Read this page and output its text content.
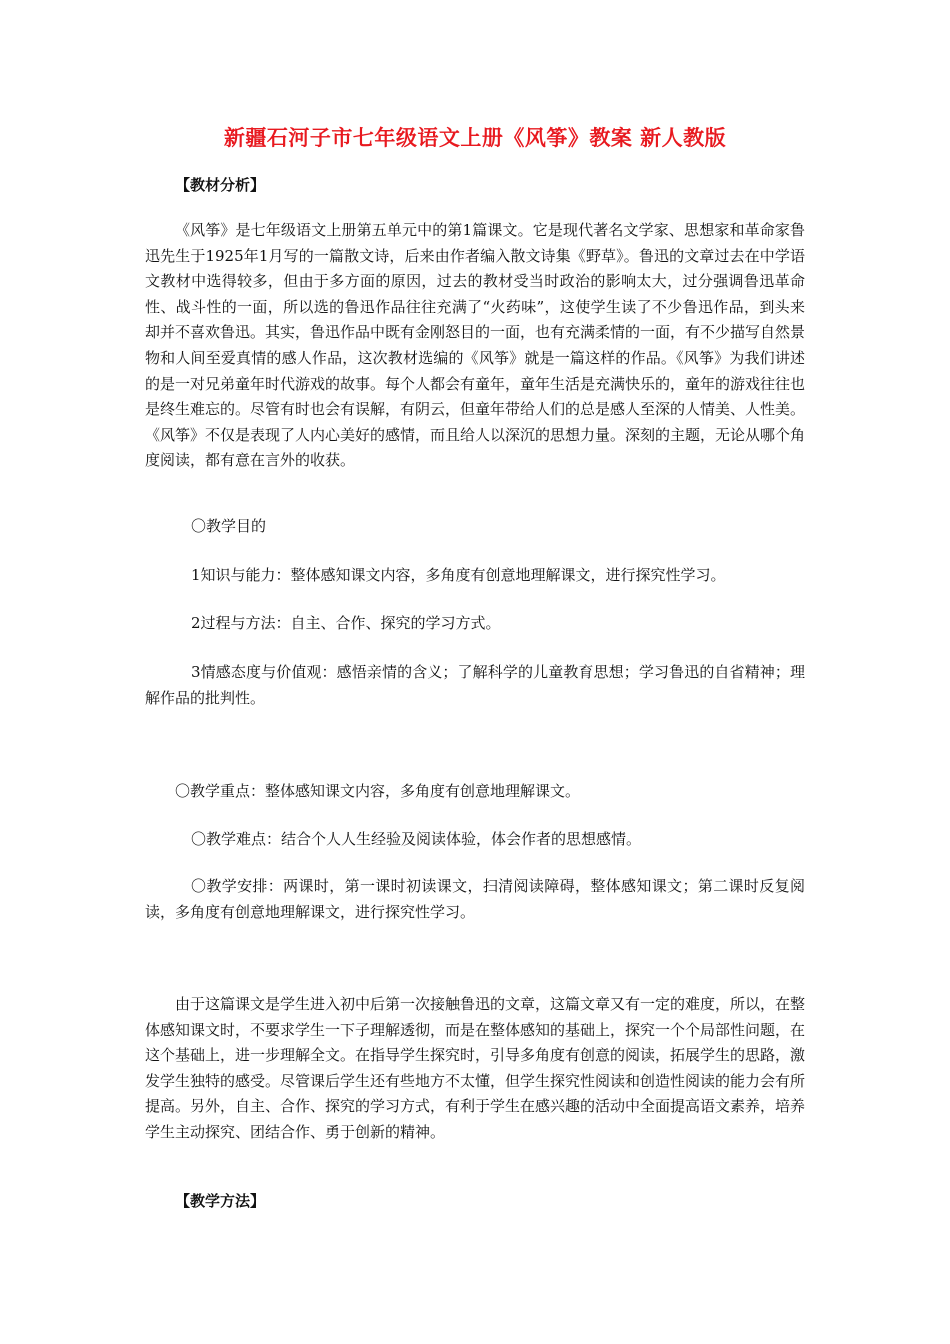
新疆石河子市七年级语文上册《风筝》教案 新人教版

【教材分析】

《风筝》是七年级语文上册第五单元中的第1篇课文。它是现代著名文学家、思想家和革命家鲁迅先生于1925年1月写的一篇散文诗，后来由作者编入散文诗集《野草》。鲁迅的文章过去在中学语文教材中选得较多，但由于多方面的原因，过去的教材受当时政治的影响太大，过分强调鲁迅革命性、战斗性的一面，所以选的鲁迅作品往往充满了“火药味”，这使学生读了不少鲁迅作品，到头来却并不喜欢鲁迅。其实，鲁迅作品中既有金刚怒目的一面，也有充满柔情的一面，有不少描写自然景物和人间至爱真情的感人作品，这次教材选编的《风筝》就是一篇这样的作品。《风筝》为我们讲述的是一对兄弟童年时代游戏的故事。每个人都会有童年，童年生活是充满快乐的，童年的游戏往往也是终生难忘的。尽管有时也会有误解，有阴云，但童年带给人们的总是感人至深的人情美、人性美。《风筝》不仅是表现了人内心美好的感情，而且给人以深沉的思想力量。深刻的主题，无论从哪个角度阅读，都有意在言外的收获。

〇教学目的

1知识与能力：整体感知课文内容，多角度有创意地理解课文，进行探究性学习。

2过程与方法：自主、合作、探究的学习方式。

3情感态度与价值观：感悟亲情的含义；了解科学的儿童教育思想；学习鲁迅的自省精神；理解作品的批判性。

〇教学重点：整体感知课文内容，多角度有创意地理解课文。

〇教学难点：结合个人人生经验及阅读体验，体会作者的思想感情。

〇教学安排：两课时，第一课时初读课文，扫清阅读障碍，整体感知课文；第二课时反复阅读，多角度有创意地理解课文，进行探究性学习。

由于这篇课文是学生进入初中后第一次接触鲁迅的文章，这篇文章又有一定的难度，所以，在整体感知课文时，不要求学生一下子理解透彻，而是在整体感知的基础上，探究一个个局部性问题，在这个基础上，进一步理解全文。在指导学生探究时，引导多角度有创意的阅读，拓展学生的思路，激发学生独特的感受。尽管课后学生还有些地方不太懂，但学生探究性阅读和创造性阅读的能力会有所提高。另外，自主、合作、探究的学习方式，有利于学生在感兴趣的活动中全面提高语文素养，培养学生主动探究、团结合作、勇于创新的精神。

【教学方法】
